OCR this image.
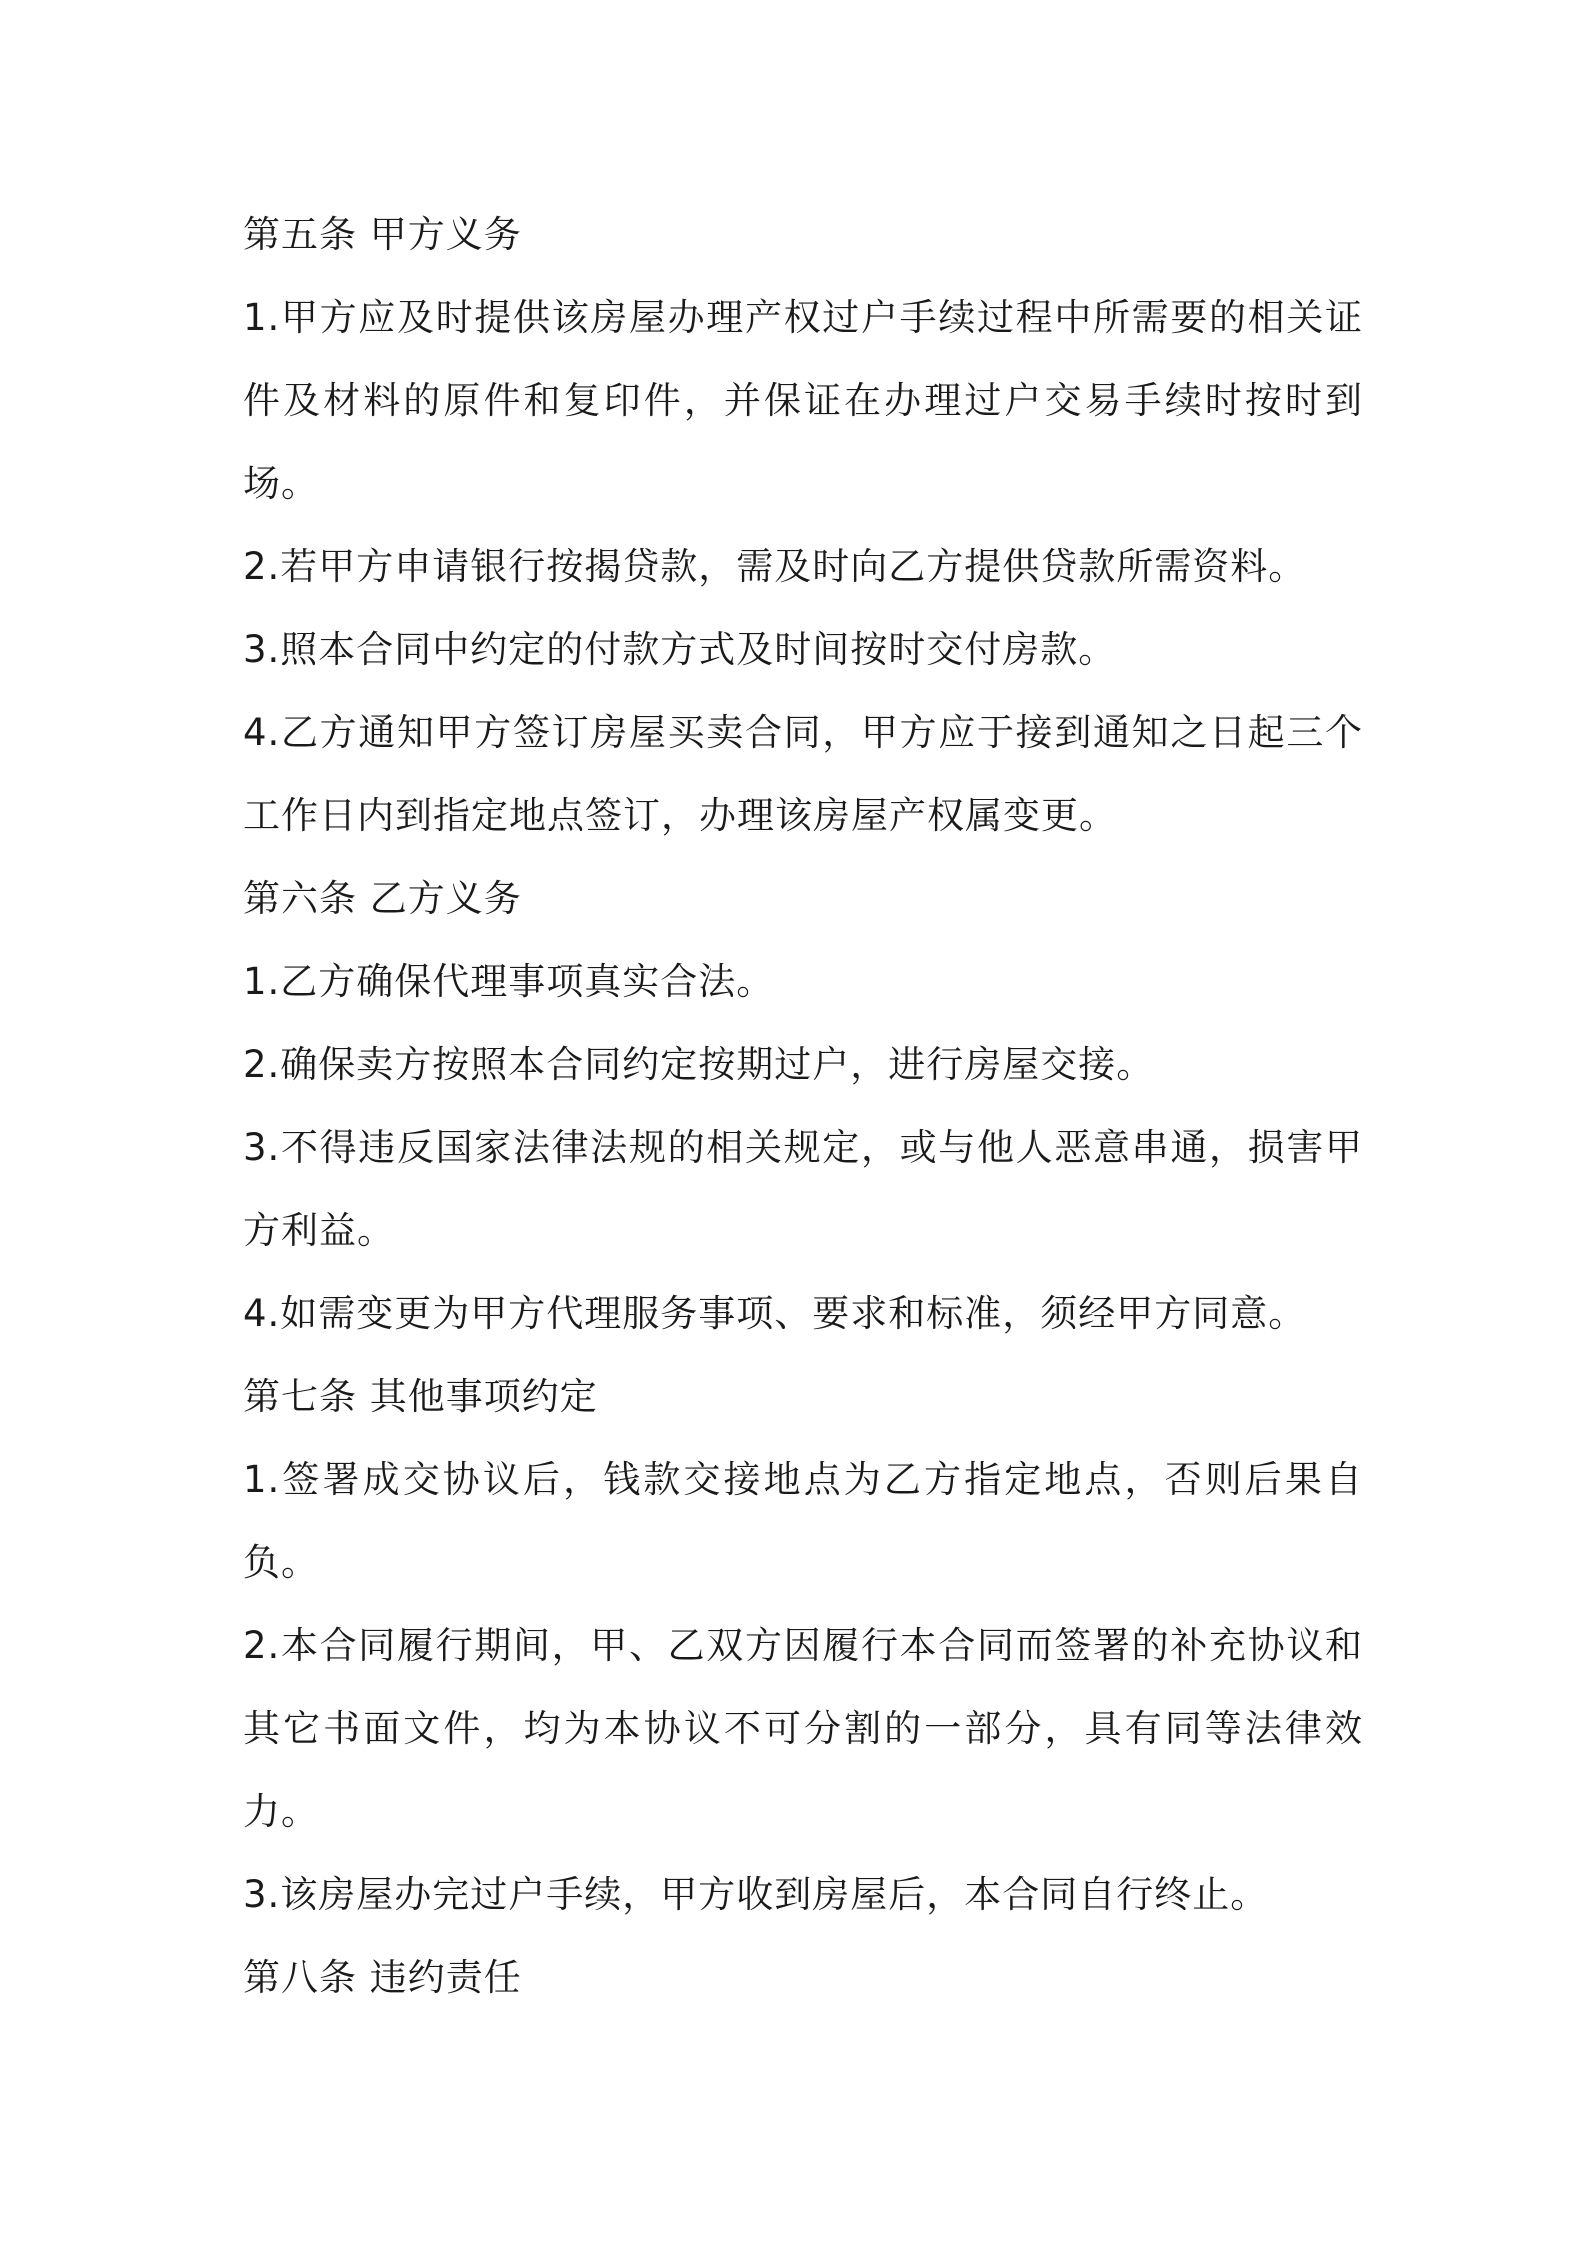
第五条 甲方义务

1.甲方应及时提供该房屋办理产权过户手续过程中所需要的相关证件及材料的原件和复印件，并保证在办理过户交易手续时按时到场。

2.若甲方申请银行按揭贷款，需及时向乙方提供贷款所需资料。

3.照本合同中约定的付款方式及时间按时交付房款。

4.乙方通知甲方签订房屋买卖合同，甲方应于接到通知之日起三个工作日内到指定地点签订，办理该房屋产权属变更。

第六条 乙方义务

1.乙方确保代理事项真实合法。

2.确保卖方按照本合同约定按期过户，进行房屋交接。

3.不得违反国家法律法规的相关规定，或与他人恶意串通，损害甲方利益。

4.如需变更为甲方代理服务事项、要求和标准，须经甲方同意。

第七条 其他事项约定

1.签署成交协议后，钱款交接地点为乙方指定地点，否则后果自负。

2.本合同履行期间，甲、乙双方因履行本合同而签署的补充协议和其它书面文件，均为本协议不可分割的一部分，具有同等法律效力。

3.该房屋办完过户手续，甲方收到房屋后，本合同自行终止。

第八条 违约责任
